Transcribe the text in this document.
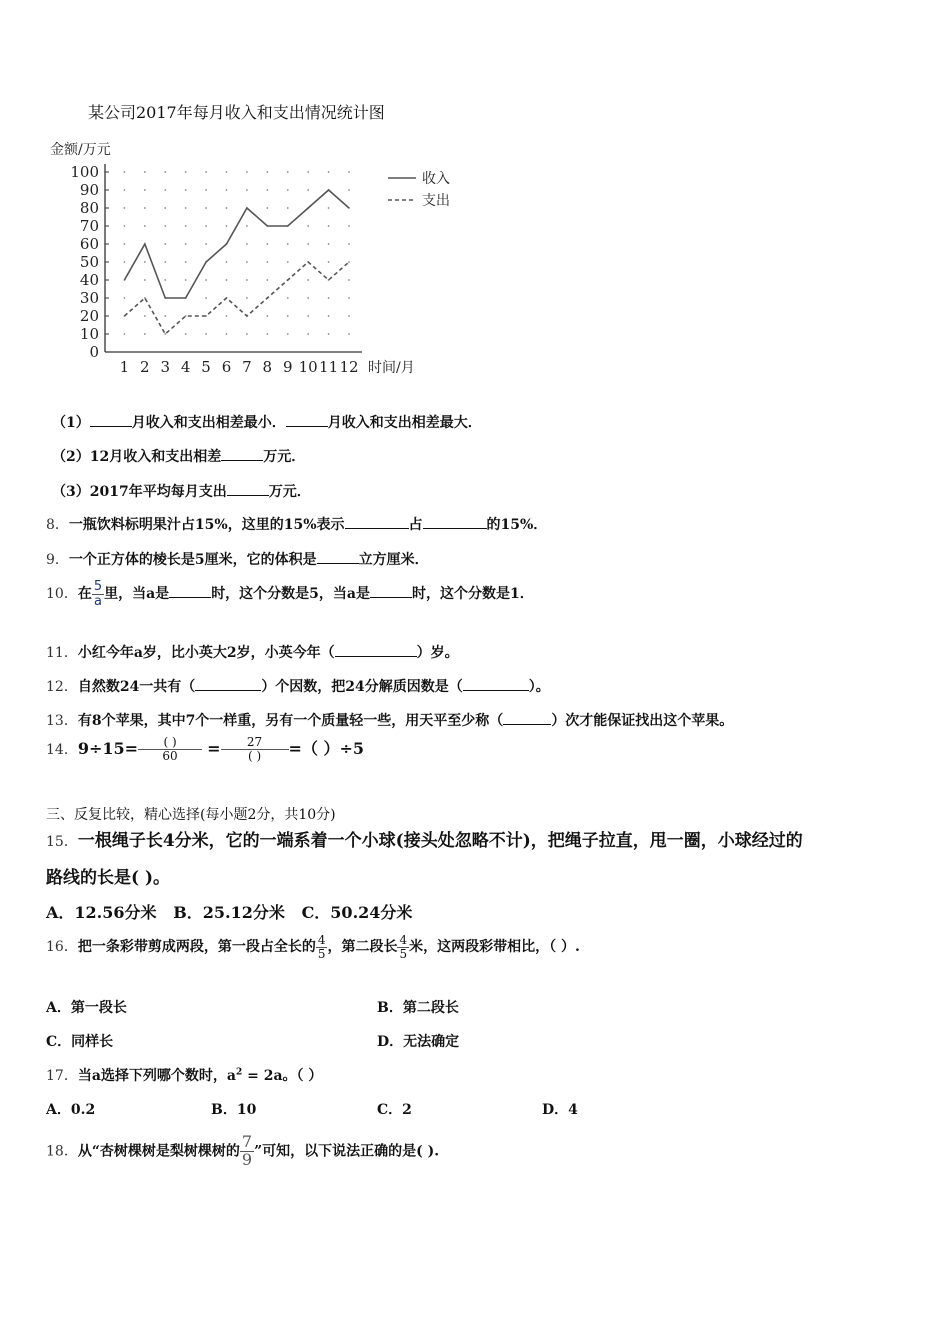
某公司2017年每月收入和支出情况统计图
0
10
20
30
40
50
60
70
80
90
100
1 2 3 4 5 6 7 8 9 10 11 12
金额/万元
时间/月
收入
支出
（1）	月收入和支出相差最小．	月收入和支出相差最大．
（2）12月收入和支出相差	万元．
（3）2017年平均每月支出	万元．
8．一瓶饮料标明果汁占15%，这里的15%表示	占	的15%．
9．一个正方体的棱长是5厘米，它的体积是	立方厘米．
10．在 $\frac{5}{a}$ 里，当a是	时，这个分数是5，当a是	时，这个分数是1．
11．小红今年a岁，比小英大2岁，小英今年（	）岁。
12．自然数24一共有（	）个因数，把24分解质因数是（	）。
13．有8个苹果，其中7个一样重，另有一个质量轻一些，用天平至少称（	）次才能保证找出这个苹果。
14．$9\div 15= \frac{( )}{60} = \frac{27}{( )}$ =（ ）÷5
三、反复比较，精心选择(每小题2分，共10分)
15．一根绳子长4分米，它的一端系着一个小球(接头处忽略不计)，把绳子拉直，甩一圈，小球经过的
路线的长是( )。
A．12.56分米   B．25.12分米   C．50.24分米
16．把一条彩带剪成两段，第一段占全长的 $\frac{4}{5}$ ，第二段长 $\frac{4}{5}$ 米，这两段彩带相比，（ ）.
A．第一段长	B．第二段长
C．同样长	D．无法确定
17．当a选择下列哪个数时，$a^2 = 2a$。（ ）
A．0.2	B．10	C．2	D．4
18．从“杏树棵树是梨树棵树的 $\frac{7}{9}$ ”可知，以下说法正确的是( ).
